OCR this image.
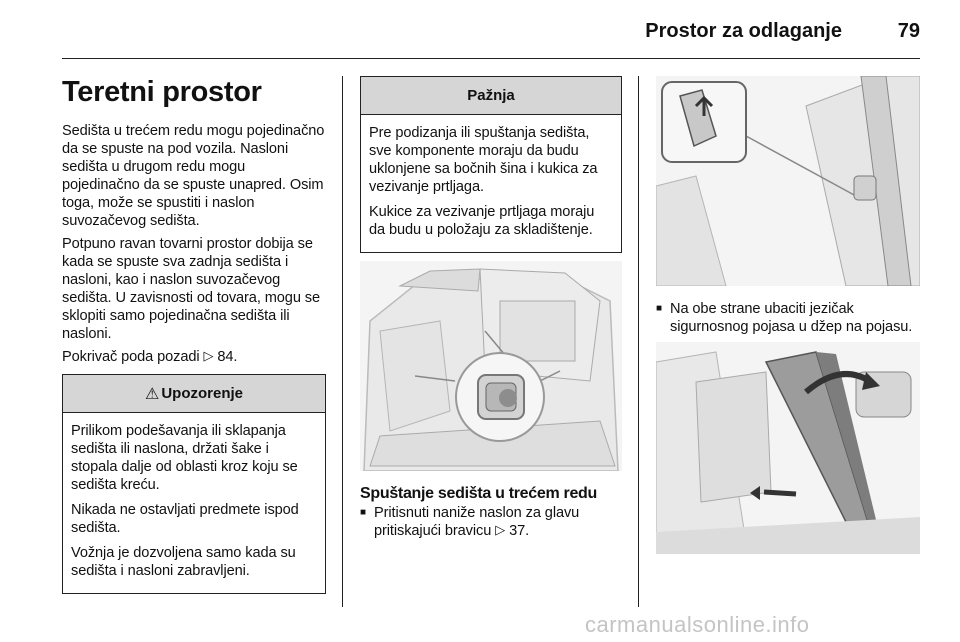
Prostor za odlaganje	79
Teretni prostor

Sedišta u trećem redu mogu pojedinačno da se spuste na pod vozila. Nasloni sedišta u drugom redu mogu pojedinačno da se spuste unapred. Osim toga, može se spustiti i naslon suvozačevog sedišta.

Potpuno ravan tovarni prostor dobija se kada se spuste sva zadnja sedišta i nasloni, kao i naslon suvozačevog sedišta. U zavisnosti od tovara, mogu se sklopiti samo pojedinačna sedišta ili nasloni.

Pokrivač poda pozadi ▷ 84.

⚠ Upozorenje

Prilikom podešavanja ili sklapanja sedišta ili naslona, držati šake i stopala dalje od oblasti kroz koju se sedišta kreću.

Nikada ne ostavljati predmete ispod sedišta.

Vožnja je dozvoljena samo kada su sedišta i nasloni zabravljeni.

Pažnja

Pre podizanja ili spuštanja sedišta, sve komponente moraju da budu uklonjene sa bočnih šina i kukica za vezivanje prtljaga.

Kukice za vezivanje prtljaga moraju da budu u položaju za skladištenje.

Spuštanje sedišta u trećem redu
■ Pritisnuti naniže naslon za glavu pritiskajući bravicu ▷ 37.
■ Na obe strane ubaciti jezičak sigurnosnog pojasa u džep na pojasu.
carmanualsonline.info
